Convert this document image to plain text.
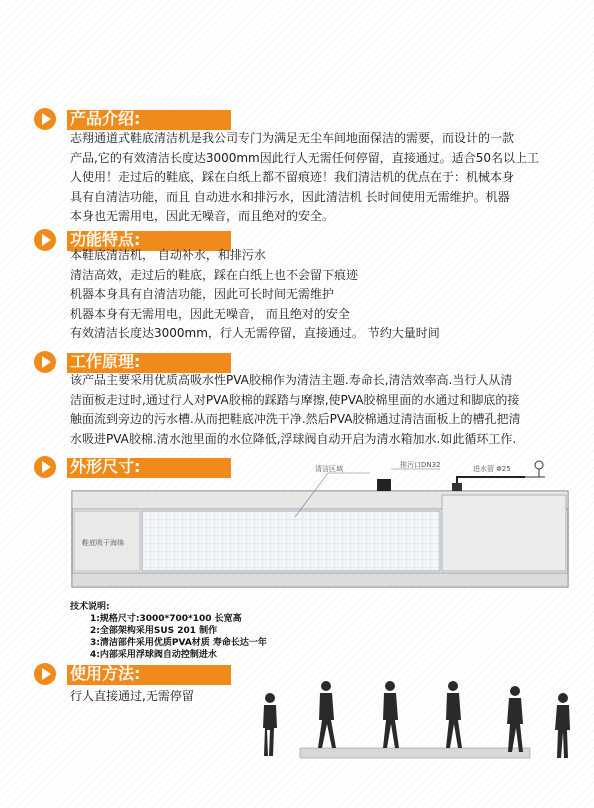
产品介绍:
志翔通道式鞋底清洁机是我公司专门为满足无尘车间地面保洁的需要，而设计的一款
产品,它的有效清洁长度达3000mm因此行人无需任何停留，直接通过。适合50名以上工
人使用！走过后的鞋底，踩在白纸上都不留痕迹！我们清洁机的优点在于：机械本身
具有自清洁功能，而且 自动进水和排污水，因此清洁机 长时间使用无需维护。机器
本身也无需用电，因此无噪音，而且绝对的安全。
功能特点:
本鞋底清洁机， 自动补水，和排污水
清洁高效，走过后的鞋底，踩在白纸上也不会留下痕迹
机器本身具有自清洁功能，因此可长时间无需维护
机器本身有无需用电，因此无噪音， 而且绝对的安全
有效清洁长度达3000mm，行人无需停留，直接通过。 节约大量时间
工作原理:
该产品主要采用优质高吸水性PVA胶棉作为清洁主题.寿命长,清洁效率高.当行人从清
洁面板走过时,通过行人对PVA胶棉的踩踏与摩擦,使PVA胶棉里面的水通过和脚底的接
触面流到旁边的污水槽.从而把鞋底冲洗干净.然后PVA胶棉通过清洁面板上的槽孔把清
水吸进PVA胶棉.清水池里面的水位降低,浮球阀自动开启为清水箱加水.如此循环工作.
外形尺寸:	清洁区域	排污口DN32	进水管 Φ25
鞋底吸干海绵
技术说明:
1:规格尺寸:3000*700*100 长宽高
2:全部架构采用SUS 201 制作
3:清洁部件采用优质PVA材质 寿命长达一年
4:内部采用浮球阀自动控制进水
使用方法:
行人直接通过,无需停留
